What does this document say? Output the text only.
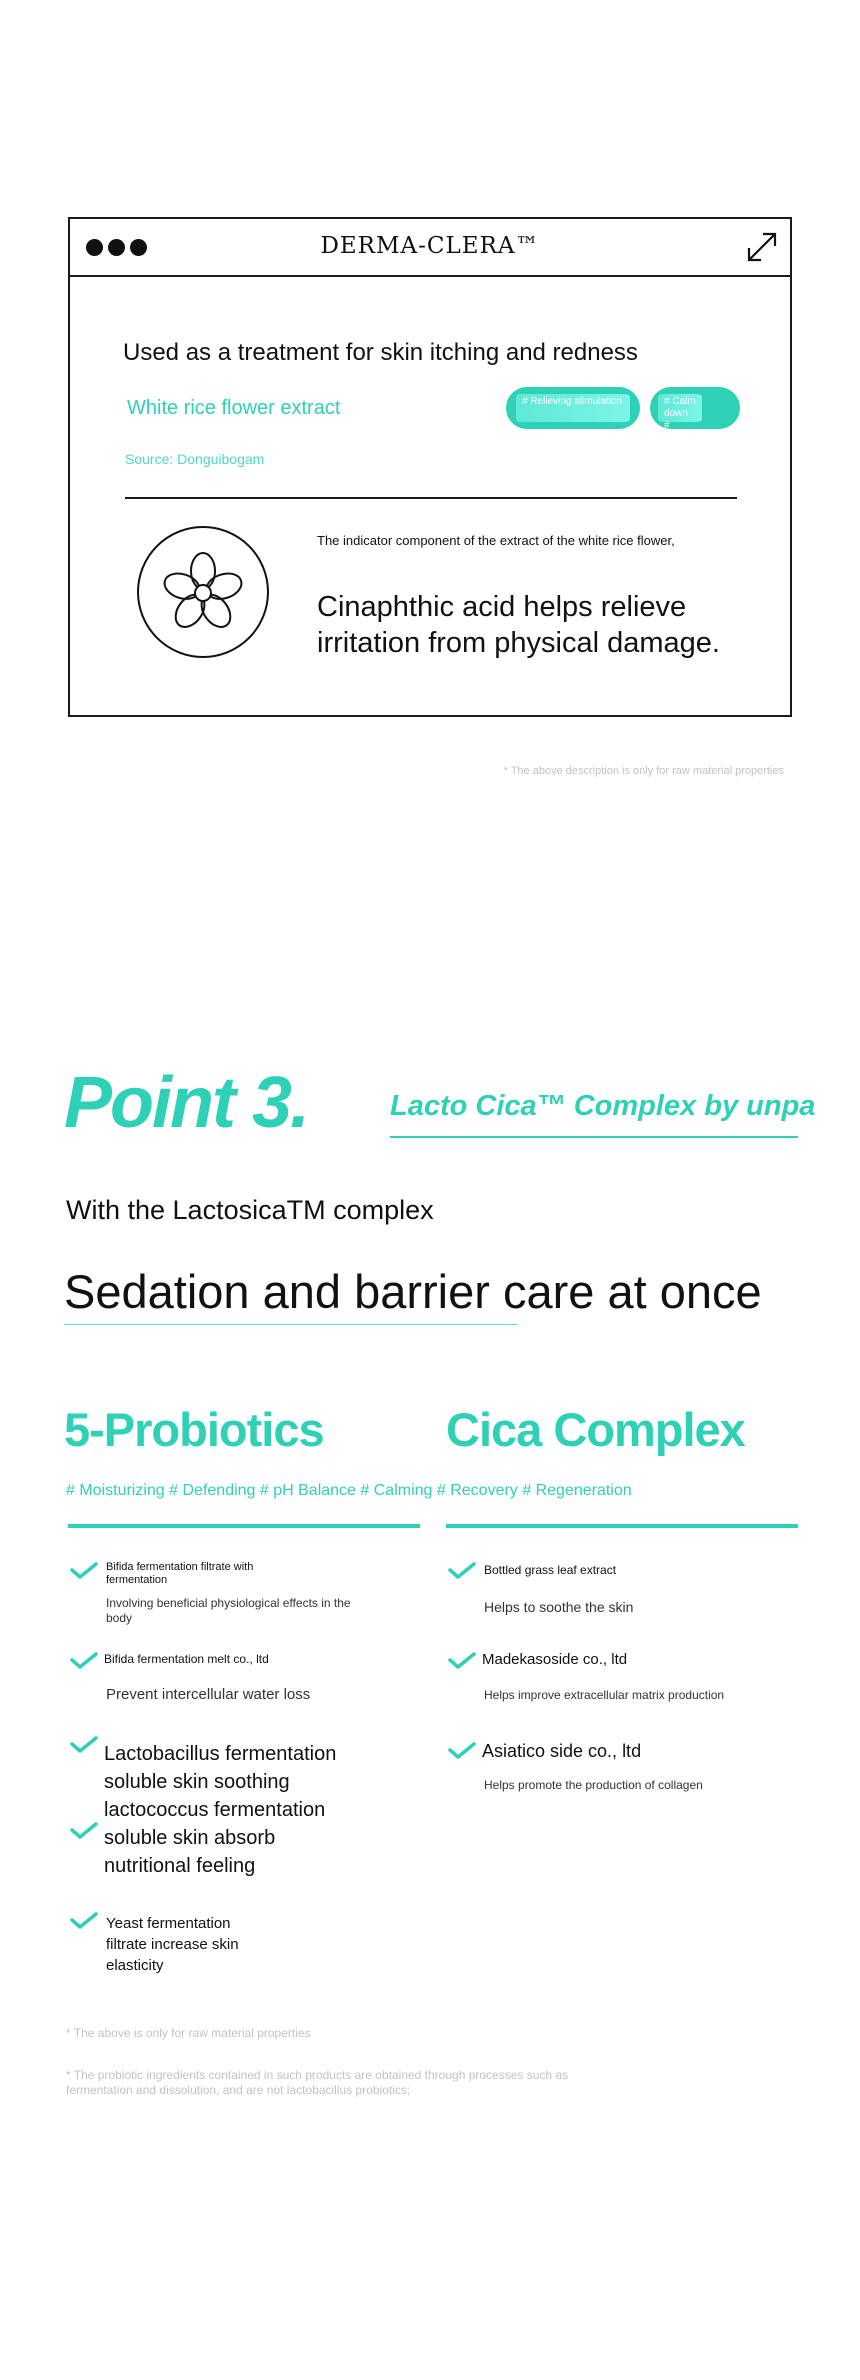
DERMA-CLERA™
Used as a treatment for skin itching and redness
White rice flower extract	# Relieving stimulation	# Calm down #
Source: Donguibogam
The indicator component of the extract of the white rice flower,
Cinaphthic acid helps relieve irritation from physical damage.
* The above description is only for raw material properties
Point 3.	Lacto Cica™ Complex by unpa
With the LactosicaTM complex
Sedation and barrier care at once
5-Probiotics	Cica Complex
# Moisturizing # Defending # pH Balance # Calming # Recovery # Regeneration
Bifida fermentation filtrate with fermentation
Involving beneficial physiological effects in the body
Bifida fermentation melt co., ltd
Prevent intercellular water loss
Lactobacillus fermentation soluble skin soothing lactococcus fermentation soluble skin absorb nutritional feeling
Yeast fermentation filtrate increase skin elasticity
Bottled grass leaf extract
Helps to soothe the skin
Madekasoside co., ltd
Helps improve extracellular matrix production
Asiatico side co., ltd
Helps promote the production of collagen
* The above is only for raw material properties
* The probiotic ingredients contained in such products are obtained through processes such as fermentation and dissolution, and are not lactobacillus probiotics;
